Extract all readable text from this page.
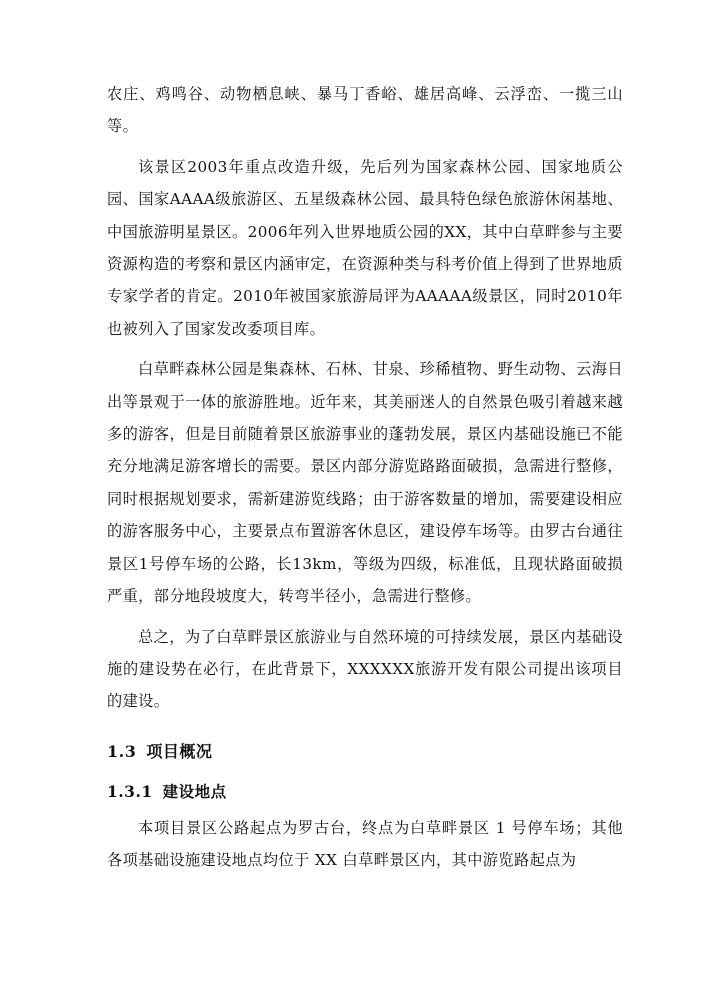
农庄、鸡鸣谷、动物栖息峡、暴马丁香峪、雄居高峰、云浮峦、一揽三山等。

该景区2003年重点改造升级，先后列为国家森林公园、国家地质公园、国家AAAA级旅游区、五星级森林公园、最具特色绿色旅游休闲基地、中国旅游明星景区。2006年列入世界地质公园的XX，其中白草畔参与主要资源构造的考察和景区内涵审定，在资源种类与科考价值上得到了世界地质专家学者的肯定。2010年被国家旅游局评为AAAAA级景区，同时2010年也被列入了国家发改委项目库。

白草畔森林公园是集森林、石林、甘泉、珍稀植物、野生动物、云海日出等景观于一体的旅游胜地。近年来，其美丽迷人的自然景色吸引着越来越多的游客，但是目前随着景区旅游事业的蓬勃发展，景区内基础设施已不能充分地满足游客增长的需要。景区内部分游览路路面破损，急需进行整修，同时根据规划要求，需新建游览线路；由于游客数量的增加，需要建设相应的游客服务中心，主要景点布置游客休息区，建设停车场等。由罗古台通往景区1号停车场的公路，长13km，等级为四级，标准低，且现状路面破损严重，部分地段坡度大，转弯半径小，急需进行整修。

总之，为了白草畔景区旅游业与自然环境的可持续发展，景区内基础设施的建设势在必行，在此背景下，XXXXXX旅游开发有限公司提出该项目的建设。

1.3 项目概况
1.3.1 建设地点

本项目景区公路起点为罗古台，终点为白草畔景区 1 号停车场；其他各项基础设施建设地点均位于 XX 白草畔景区内，其中游览路起点为
